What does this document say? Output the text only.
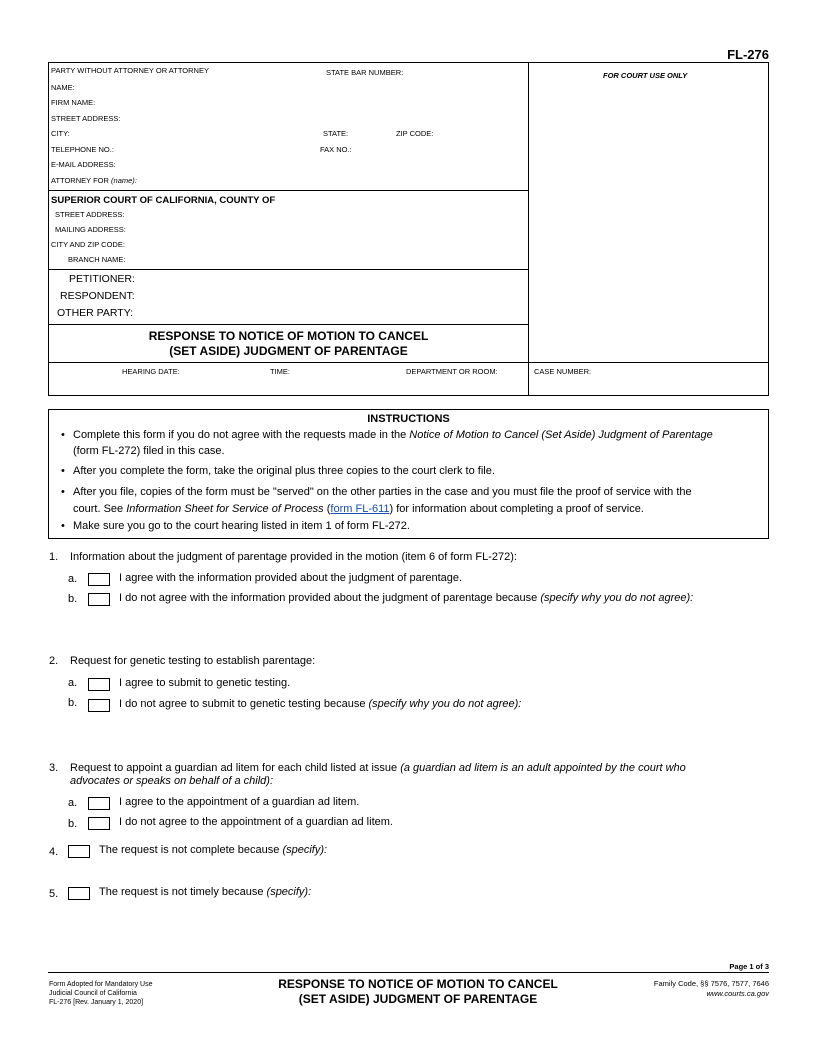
FL-276
FOR COURT USE ONLY
PARTY WITHOUT ATTORNEY OR ATTORNEY	STATE BAR NUMBER:
NAME:
FIRM NAME:
STREET ADDRESS:
CITY:	STATE:	ZIP CODE:
TELEPHONE NO.:	FAX NO.:
E-MAIL ADDRESS:
ATTORNEY FOR (name):
SUPERIOR COURT OF CALIFORNIA, COUNTY OF
STREET ADDRESS:
MAILING ADDRESS:
CITY AND ZIP CODE:
BRANCH NAME:
PETITIONER:
RESPONDENT:
OTHER PARTY:
RESPONSE TO NOTICE OF MOTION TO CANCEL
(SET ASIDE) JUDGMENT OF PARENTAGE
HEARING DATE:	TIME:	DEPARTMENT OR ROOM:	CASE NUMBER:
INSTRUCTIONS
• Complete this form if you do not agree with the requests made in the Notice of Motion to Cancel (Set Aside) Judgment of Parentage
(form FL-272) filed in this case.
• After you complete the form, take the original plus three copies to the court clerk to file.
• After you file, copies of the form must be "served" on the other parties in the case and you must file the proof of service with the
court. See Information Sheet for Service of Process (form FL-611) for information about completing a proof of service.
• Make sure you go to the court hearing listed in item 1 of form FL-272.
1. Information about the judgment of parentage provided in the motion (item 6 of form FL-272):
a.	I agree with the information provided about the judgment of parentage.
b.	I do not agree with the information provided about the judgment of parentage because (specify why you do not agree):
2. Request for genetic testing to establish parentage:
a.	I agree to submit to genetic testing.
b.	I do not agree to submit to genetic testing because (specify why you do not agree):
3. Request to appoint a guardian ad litem for each child listed at issue (a guardian ad litem is an adult appointed by the court who
advocates or speaks on behalf of a child):
a.	I agree to the appointment of a guardian ad litem.
b.	I do not agree to the appointment of a guardian ad litem.
4.	The request is not complete because (specify):
5.	The request is not timely because (specify):
Page 1 of 3
Form Adopted for Mandatory Use
Judicial Council of California
FL-276 [Rev. January 1, 2020]
RESPONSE TO NOTICE OF MOTION TO CANCEL
(SET ASIDE) JUDGMENT OF PARENTAGE
Family Code, §§ 7576, 7577, 7646
www.courts.ca.gov
